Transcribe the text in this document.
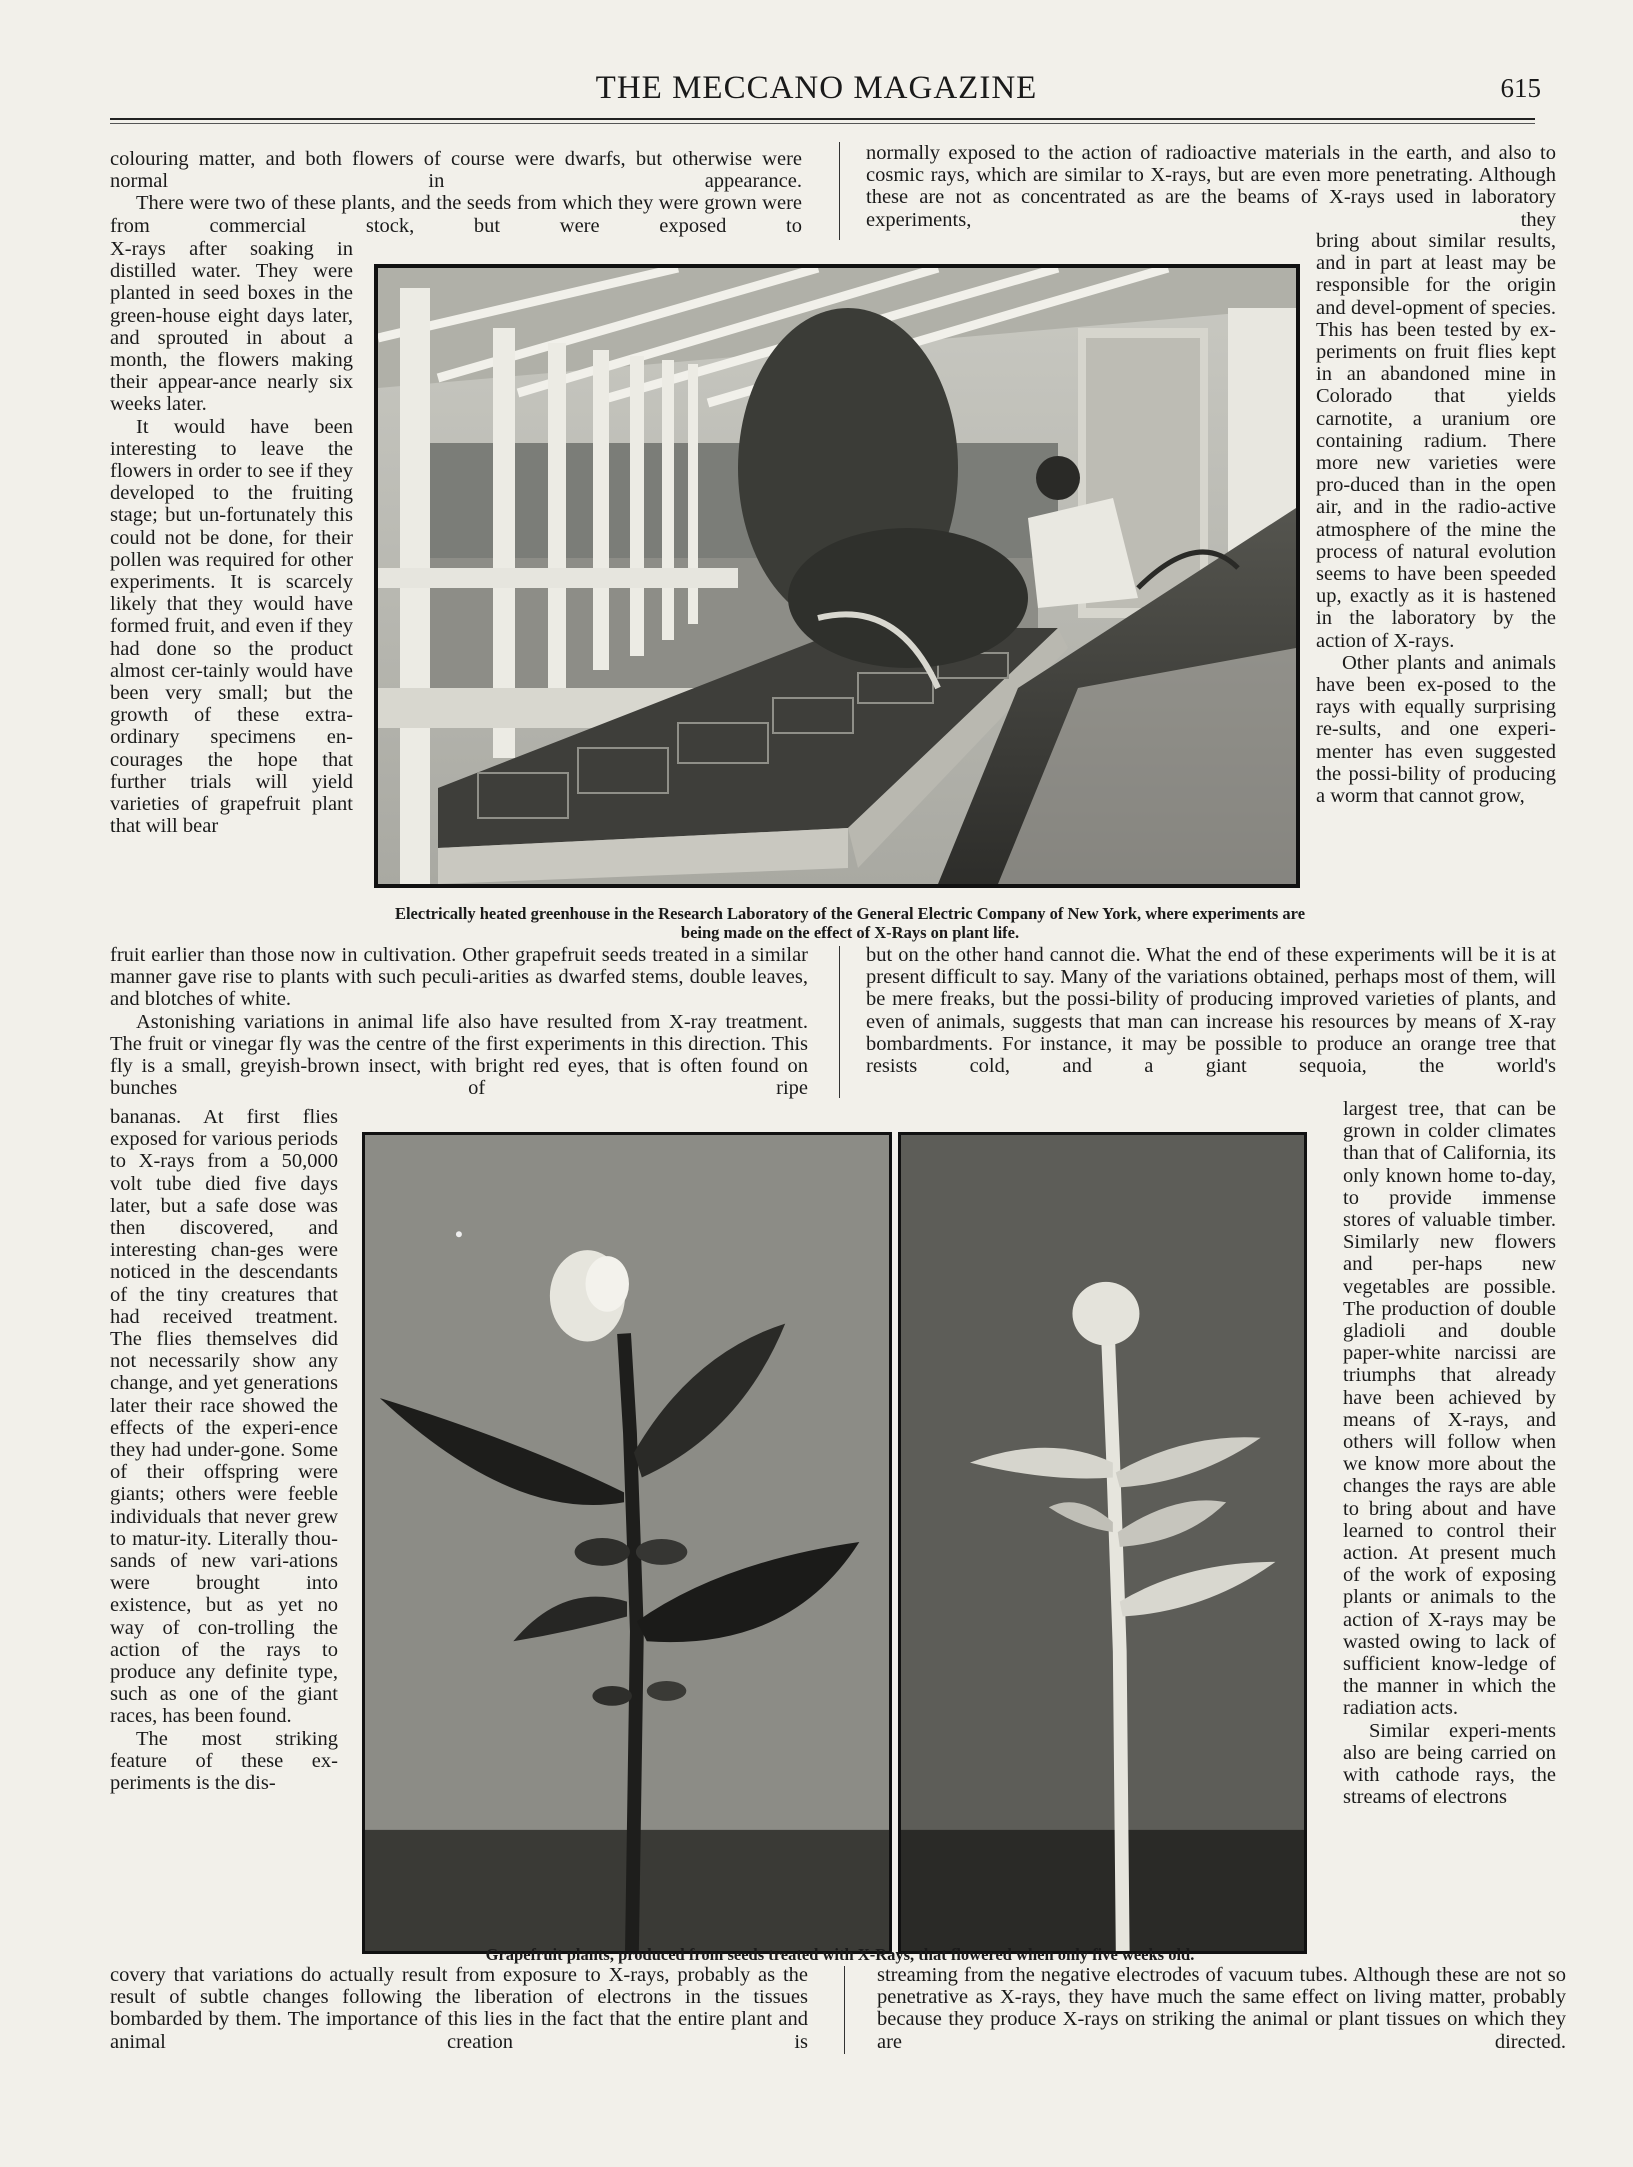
THE MECCANO MAGAZINE	615

colouring matter, and both flowers of course were dwarfs, but otherwise were normal in appearance.

There were two of these plants, and the seeds from which they were grown were from commercial stock, but were exposed to

X-rays after soaking in distilled water. They were planted in seed boxes in the green-house eight days later, and sprouted in about a month, the flowers making their appear-ance nearly six weeks later.

It would have been interesting to leave the flowers in order to see if they developed to the fruiting stage; but un-fortunately this could not be done, for their pollen was required for other experiments. It is scarcely likely that they would have formed fruit, and even if they had done so the product almost cer-tainly would have been very small; but the growth of these extra-ordinary specimens en-courages the hope that further trials will yield varieties of grapefruit plant that will bear

fruit earlier than those now in cultivation. Other grapefruit seeds treated in a similar manner gave rise to plants with such peculi-arities as dwarfed stems, double leaves, and blotches of white.

Astonishing variations in animal life also have resulted from X-ray treatment. The fruit or vinegar fly was the centre of the first experiments in this direction. This fly is a small, greyish-brown insect, with bright red eyes, that is often found on bunches of ripe

bananas. At first flies exposed for various periods to X-rays from a 50,000 volt tube died five days later, but a safe dose was then discovered, and interesting chan-ges were noticed in the descendants of the tiny creatures that had received treatment. The flies themselves did not necessarily show any change, and yet generations later their race showed the effects of the experi-ence they had under-gone. Some of their offspring were giants; others were feeble individuals that never grew to matur-ity. Literally thou-sands of new vari-ations were brought into existence, but as yet no way of con-trolling the action of the rays to produce any definite type, such as one of the giant races, has been found.

The most striking feature of these ex-periments is the dis-

covery that variations do actually result from exposure to X-rays, probably as the result of subtle changes following the liberation of electrons in the tissues bombarded by them. The importance of this lies in the fact that the entire plant and animal creation is

normally exposed to the action of radioactive materials in the earth, and also to cosmic rays, which are similar to X-rays, but are even more penetrating. Although these are not as concentrated as are the beams of X-rays used in laboratory experiments, they

bring about similar results, and in part at least may be responsible for the origin and devel-opment of species. This has been tested by ex-periments on fruit flies kept in an abandoned mine in Colorado that yields carnotite, a uranium ore containing radium. There more new varieties were pro-duced than in the open air, and in the radio-active atmosphere of the mine the process of natural evolution seems to have been speeded up, exactly as it is hastened in the laboratory by the action of X-rays.

Other plants and animals have been ex-posed to the rays with equally surprising re-sults, and one experi-menter has even suggested the possi-bility of producing a worm that cannot grow,

but on the other hand cannot die. What the end of these experiments will be it is at present difficult to say. Many of the variations obtained, perhaps most of them, will be mere freaks, but the possi-bility of producing improved varieties of plants, and even of animals, suggests that man can increase his resources by means of X-ray bombardments. For instance, it may be possible to produce an orange tree that resists cold, and a giant sequoia, the world's

largest tree, that can be grown in colder climates than that of California, its only known home to-day, to provide immense stores of valuable timber. Similarly new flowers and per-haps new vegetables are possible. The production of double gladioli and double paper-white narcissi are triumphs that already have been achieved by means of X-rays, and others will follow when we know more about the changes the rays are able to bring about and have learned to control their action. At present much of the work of exposing plants or animals to the action of X-rays may be wasted owing to lack of sufficient know-ledge of the manner in which the radiation acts.

Similar experi-ments also are being carried on with cathode rays, the streams of electrons

streaming from the negative electrodes of vacuum tubes. Although these are not so penetrative as X-rays, they have much the same effect on living matter, probably because they produce X-rays on striking the animal or plant tissues on which they are directed.

Electrically heated greenhouse in the Research Laboratory of the General Electric Company of New York, where experiments are being made on the effect of X-Rays on plant life.
Grapefruit plants, produced from seeds treated with X-Rays, that flowered when only five weeks old.
